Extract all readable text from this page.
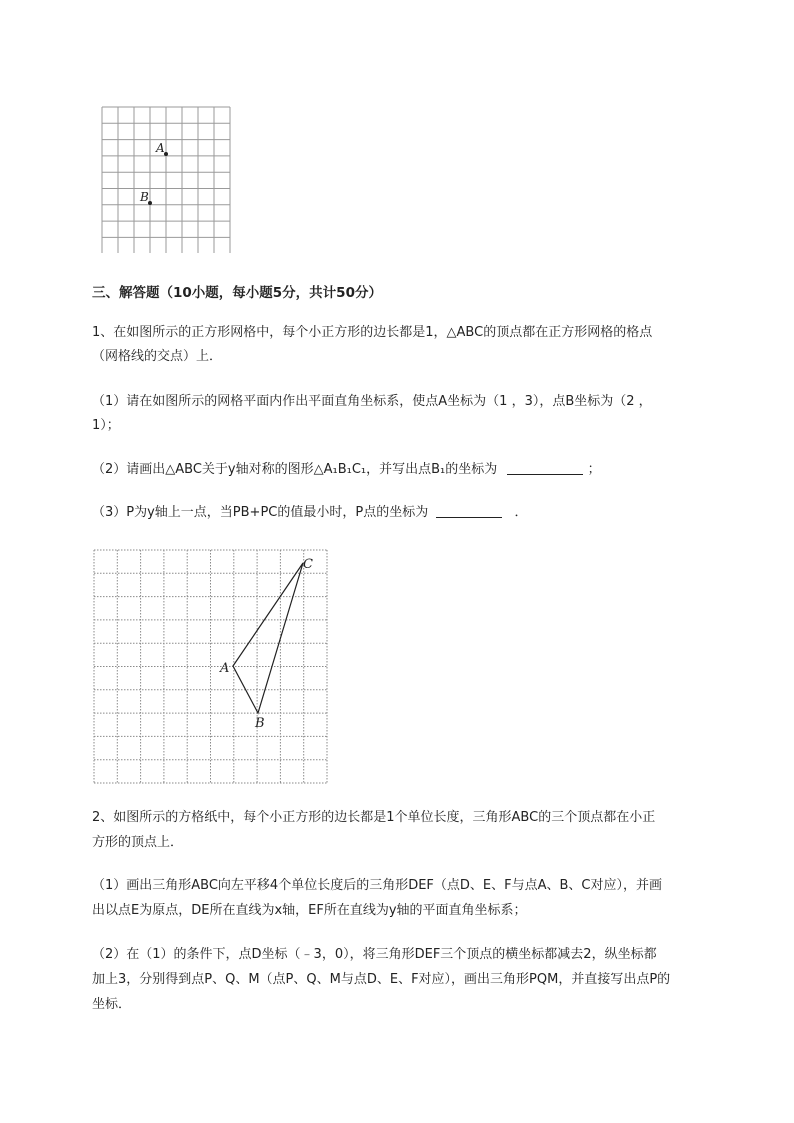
A
B
三、解答题（10小题，每小题5分，共计50分）
1、在如图所示的正方形网格中，每个小正方形的边长都是1，△ABC的顶点都在正方形网格的格点
（网格线的交点）上．
（1）请在如图所示的网格平面内作出平面直角坐标系，使点A坐标为（1 ，3），点B坐标为（2 ，
1）；
（2）请画出△ABC关于y轴对称的图形△A₁B₁C₁，并写出点B₁的坐标为	；
（3）P为y轴上一点，当PB+PC的值最小时，P点的坐标为	．
A
B
C
2、如图所示的方格纸中，每个小正方形的边长都是1个单位长度，三角形ABC的三个顶点都在小正
方形的顶点上．
（1）画出三角形ABC向左平移4个单位长度后的三角形DEF（点D、E、F与点A、B、C对应），并画
出以点E为原点，DE所在直线为x轴，EF所在直线为y轴的平面直角坐标系；
（2）在（1）的条件下，点D坐标（﹣3，0），将三角形DEF三个顶点的横坐标都减去2，纵坐标都
加上3，分别得到点P、Q、M（点P、Q、M与点D、E、F对应），画出三角形PQM，并直接写出点P的
坐标．
